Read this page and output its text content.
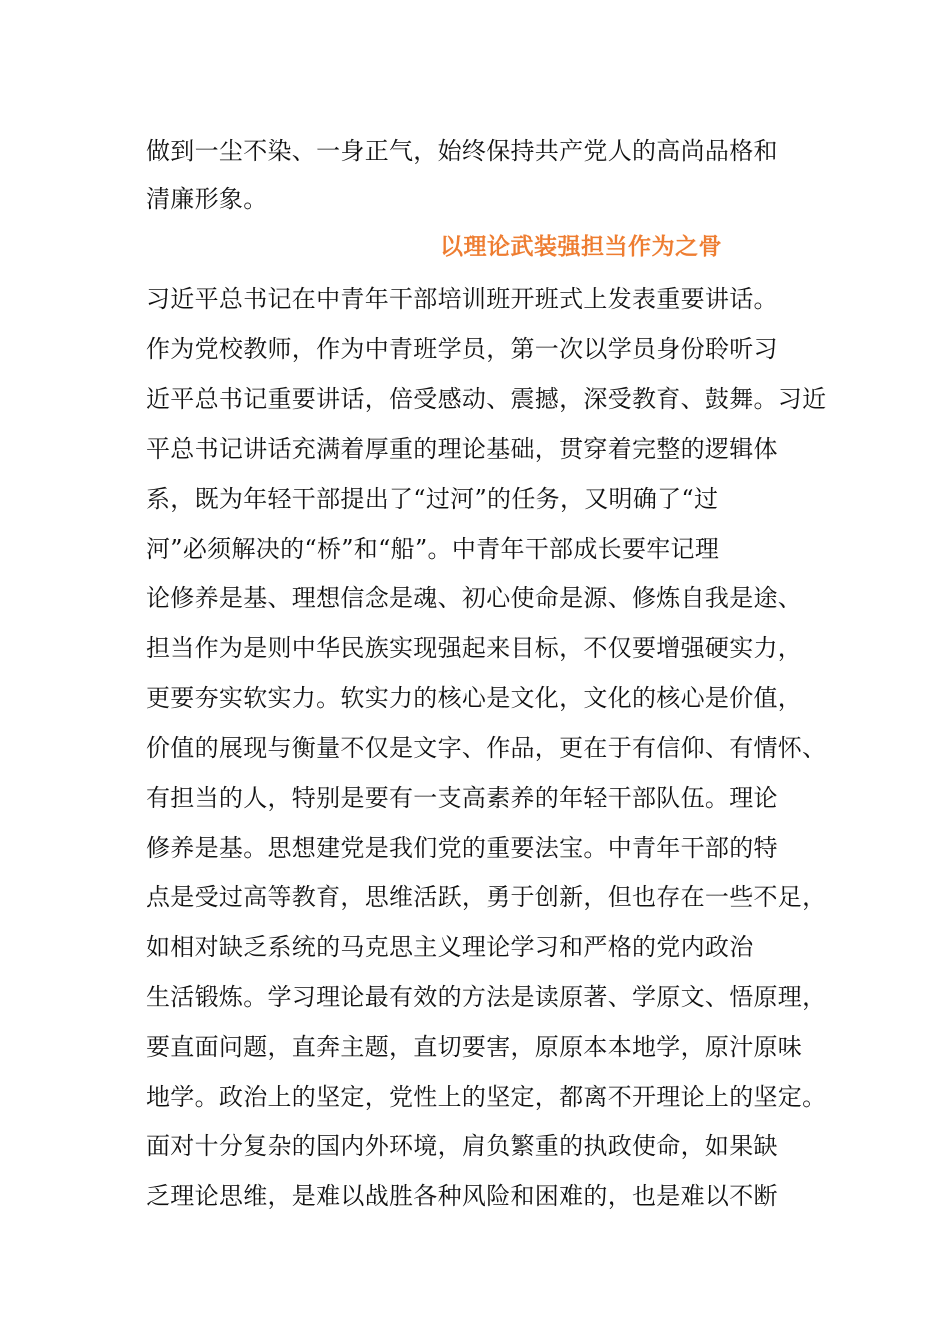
做到一尘不染、一身正气，始终保持共产党人的高尚品格和
清廉形象。
以理论武装强担当作为之骨
习近平总书记在中青年干部培训班开班式上发表重要讲话。
作为党校教师，作为中青班学员，第一次以学员身份聆听习
近平总书记重要讲话，倍受感动、震撼，深受教育、鼓舞。习近
平总书记讲话充满着厚重的理论基础，贯穿着完整的逻辑体
系，既为年轻干部提出了“过河”的任务，又明确了“过
河”必须解决的“桥”和“船”。中青年干部成长要牢记理
论修养是基、理想信念是魂、初心使命是源、修炼自我是途、
担当作为是则中华民族实现强起来目标，不仅要增强硬实力，
更要夯实软实力。软实力的核心是文化，文化的核心是价值，
价值的展现与衡量不仅是文字、作品，更在于有信仰、有情怀、
有担当的人，特别是要有一支高素养的年轻干部队伍。理论
修养是基。思想建党是我们党的重要法宝。中青年干部的特
点是受过高等教育，思维活跃，勇于创新，但也存在一些不足，
如相对缺乏系统的马克思主义理论学习和严格的党内政治
生活锻炼。学习理论最有效的方法是读原著、学原文、悟原理，
要直面问题，直奔主题，直切要害，原原本本地学，原汁原味
地学。政治上的坚定，党性上的坚定，都离不开理论上的坚定。
面对十分复杂的国内外环境，肩负繁重的执政使命，如果缺
乏理论思维，是难以战胜各种风险和困难的，也是难以不断
